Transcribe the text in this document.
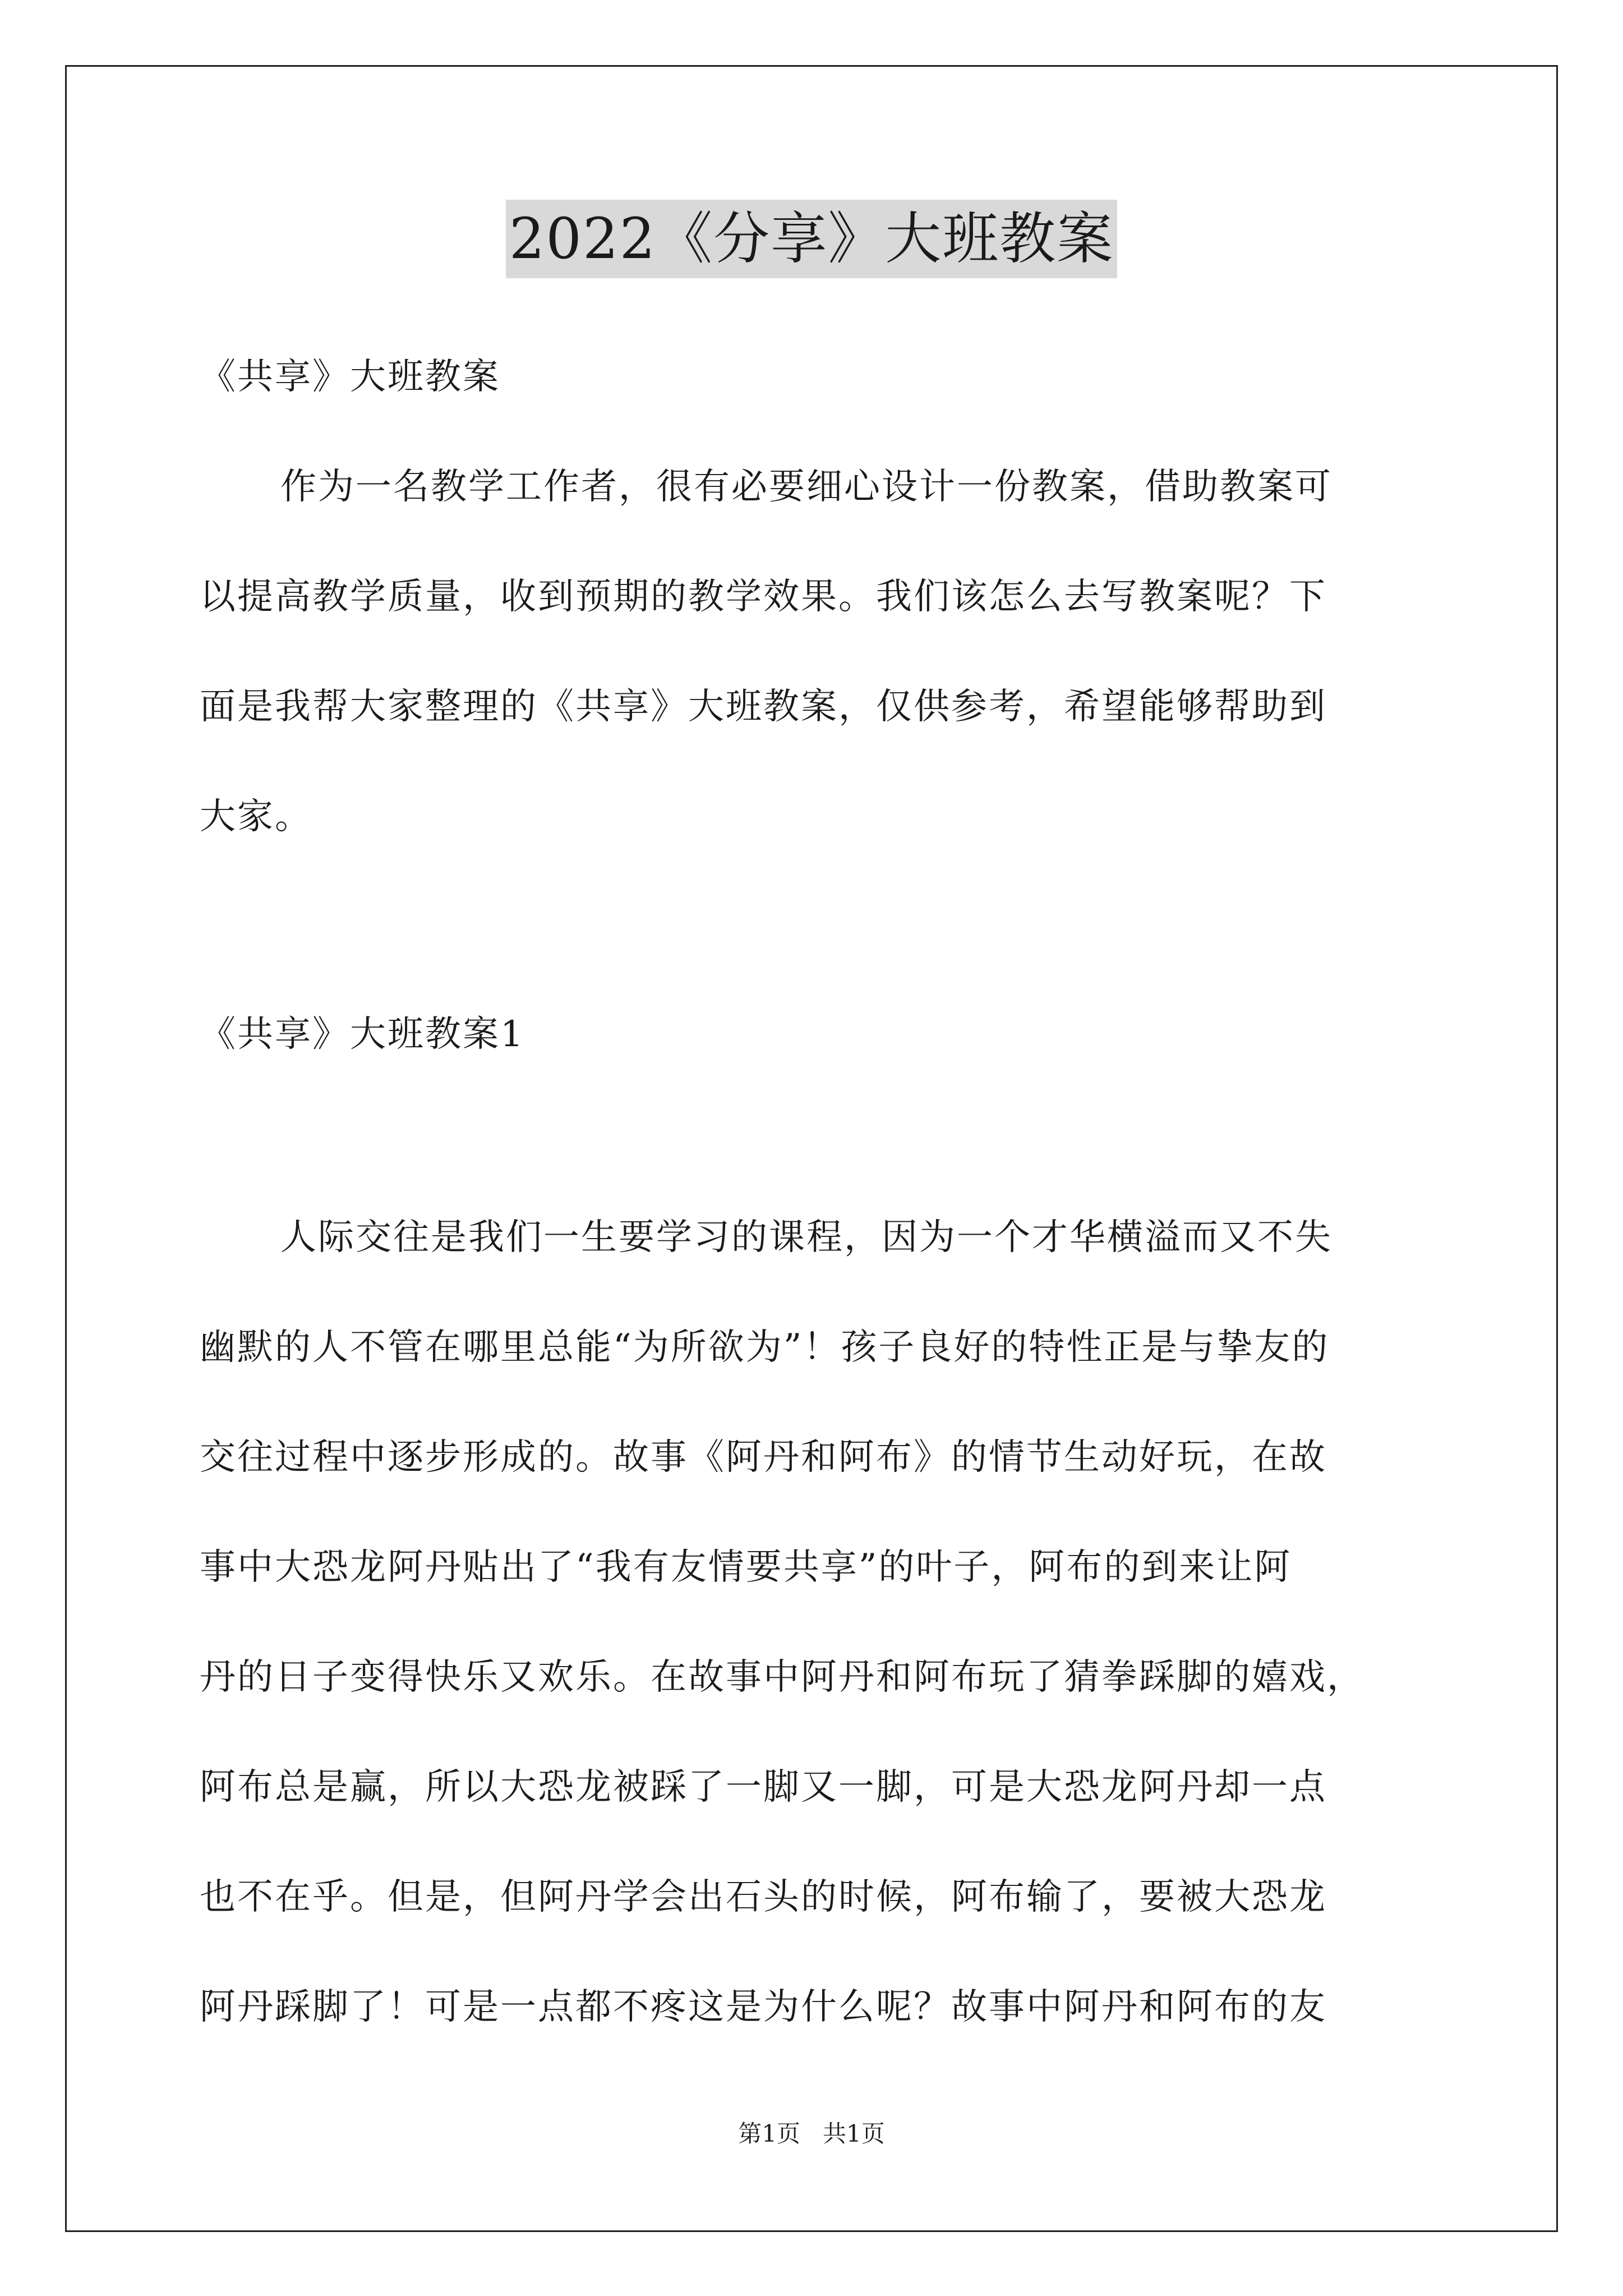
2022《分享》大班教案
《共享》大班教案
作为一名教学工作者，很有必要细心设计一份教案，借助教案可
以提高教学质量，收到预期的教学效果。我们该怎么去写教案呢？下
面是我帮大家整理的《共享》大班教案，仅供参考，希望能够帮助到
大家。
《共享》大班教案1
人际交往是我们一生要学习的课程，因为一个才华横溢而又不失
幽默的人不管在哪里总能“为所欲为”！孩子良好的特性正是与挚友的
交往过程中逐步形成的。故事《阿丹和阿布》的情节生动好玩，在故
事中大恐龙阿丹贴出了“我有友情要共享”的叶子，阿布的到来让阿
丹的日子变得快乐又欢乐。在故事中阿丹和阿布玩了猜拳踩脚的嬉戏，
阿布总是赢，所以大恐龙被踩了一脚又一脚，可是大恐龙阿丹却一点
也不在乎。但是，但阿丹学会出石头的时候，阿布输了，要被大恐龙
阿丹踩脚了！可是一点都不疼这是为什么呢？故事中阿丹和阿布的友
第1页 共1页
